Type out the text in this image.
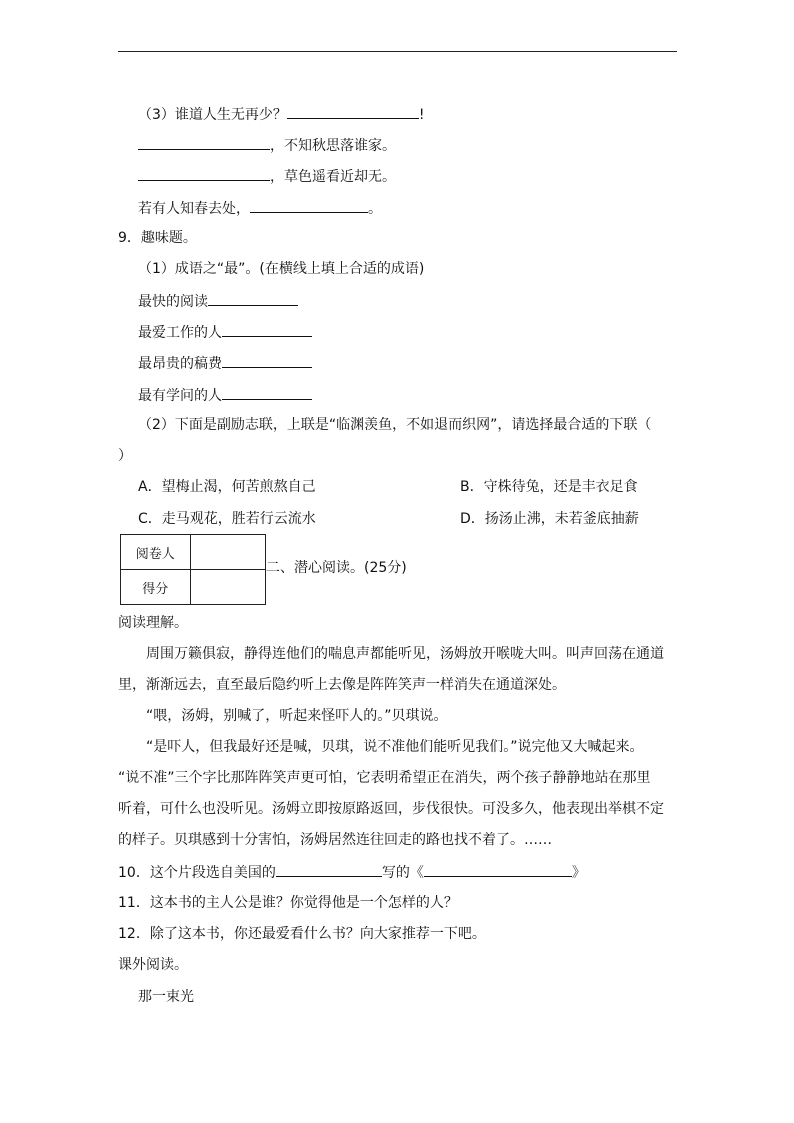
（3）谁道人生无再少？	!
，不知秋思落谁家。
，草色遥看近却无。
若有人知春去处，	。
9．趣味题。
（1）成语之“最”。(在横线上填上合适的成语)
最快的阅读
最爱工作的人
最昂贵的稿费
最有学问的人
（2）下面是副励志联，上联是“临渊羡鱼，不如退而织网”，请选择最合适的下联（
）
A．望梅止渴，何苦煎熬自己	B．守株待兔，还是丰衣足食
C．走马观花，胜若行云流水	D．扬汤止沸，未若釜底抽薪
阅卷人	
得分	
二、潜心阅读。(25分)
阅读理解。
周围万籁俱寂，静得连他们的喘息声都能听见，汤姆放开喉咙大叫。叫声回荡在通道
里，渐渐远去，直至最后隐约听上去像是阵阵笑声一样消失在通道深处。
“喂，汤姆，别喊了，听起来怪吓人的。”贝琪说。
“是吓人，但我最好还是喊，贝琪，说不准他们能听见我们。”说完他又大喊起来。
“说不准”三个字比那阵阵笑声更可怕，它表明希望正在消失，两个孩子静静地站在那里
听着，可什么也没听见。汤姆立即按原路返回，步伐很快。可没多久，他表现出举棋不定
的样子。贝琪感到十分害怕，汤姆居然连往回走的路也找不着了。……
10．这个片段选自美国的	写的《	》
11．这本书的主人公是谁？你觉得他是一个怎样的人？
12．除了这本书，你还最爱看什么书？向大家推荐一下吧。
课外阅读。
那一束光
